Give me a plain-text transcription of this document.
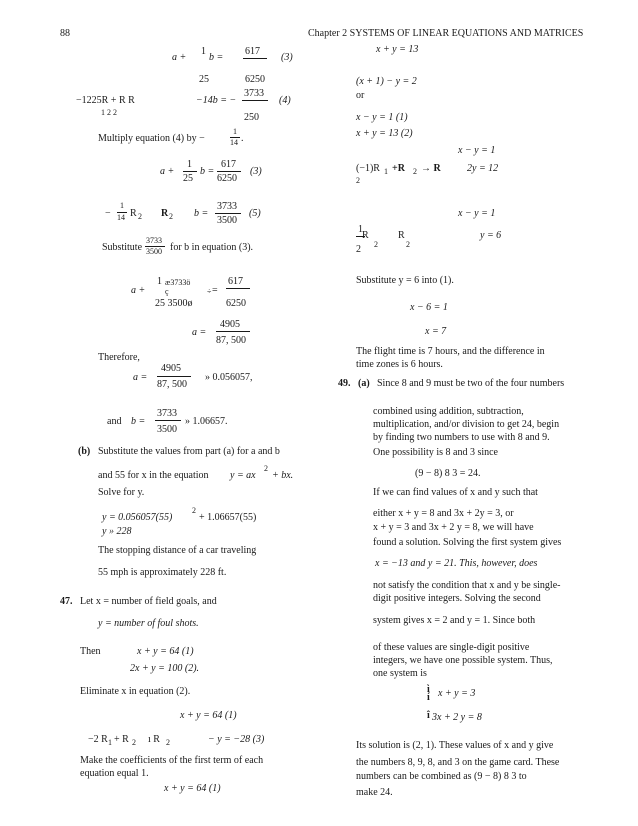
88	Chapter 2 SYSTEMS OF LINEAR EQUATIONS AND MATRICES
a +
1
b =
617
(3)
25	6250
−1225R + R R
1 2 2
−14b = −
3733
(4)
250
Multiply equation (4) by −
1
14 .
a +
1
25
b =
617
6250
(3)
−
1
14 R 2 R 2 b =
3733
3500
(5)
Substitute
3733
3500 for b in equation (3).
a +
1 æ3733ö
ç	÷ =
617
25 3500ø	6250
a =
4905
87, 500
Therefore,
a =
4905
87, 500
» 0.056057,
and b =
3733
3500
» 1.06657.
(b) Substitute the values from part (a) for a and b
and 55 for x in the equation y = ax
2
+ bx.
Solve for y.
y = 0.056057(55)
2
+ 1.06657(55)
y » 228
The stopping distance of a car traveling
55 mph is approximately 228 ft.
47. Let x = number of field goals, and
y = number of foul shots.
Then	x + y = 64 (1)
2x + y = 100 (2).
Eliminate x in equation (2).
x + y = 64 (1)
−2 R 1 + R 2 ı R 2	− y = −28 (3)
Make the coefficients of the first term of each
equation equal 1.
x + y = 64 (1)
x + y = 13
(x + 1) − y = 2
or
x − y = 1 (1)
x + y = 13 (2)
x − y = 1
(−1)R 1 +R 2 → R
2
2y = 12
x − y = 1
1
2
R
2
R
2
y = 6
Substitute y = 6 into (1).
x − 6 = 1
x = 7
The flight time is 7 hours, and the difference in
time zones is 6 hours.
49. (a) Since 8 and 9 must be two of the four numbers
combined using addition, subtraction,
multiplication, and/or division to get 24, begin
by finding two numbers to use with 8 and 9.
One possibility is 8 and 3 since
(9 − 8) 8 3 = 24.
If we can find values of x and y such that
either x + y = 8 and 3x + 2y = 3, or
x + y = 3 and 3x + 2 y = 8, we will have
found a solution. Solving the first system gives
x = −13 and y = 21. This, however, does
not satisfy the condition that x and y be single-
digit positive integers. Solving the second
system gives x = 2 and y = 1. Since both
of these values are single-digit positive
integers, we have one possible system. Thus,
one system is
ì
í
î
x + y = 3
3x + 2 y = 8
Its solution is (2, 1). These values of x and y give
the numbers 8, 9, 8, and 3 on the game card. These
numbers can be combined as (9 − 8) 8 3 to
make 24.
